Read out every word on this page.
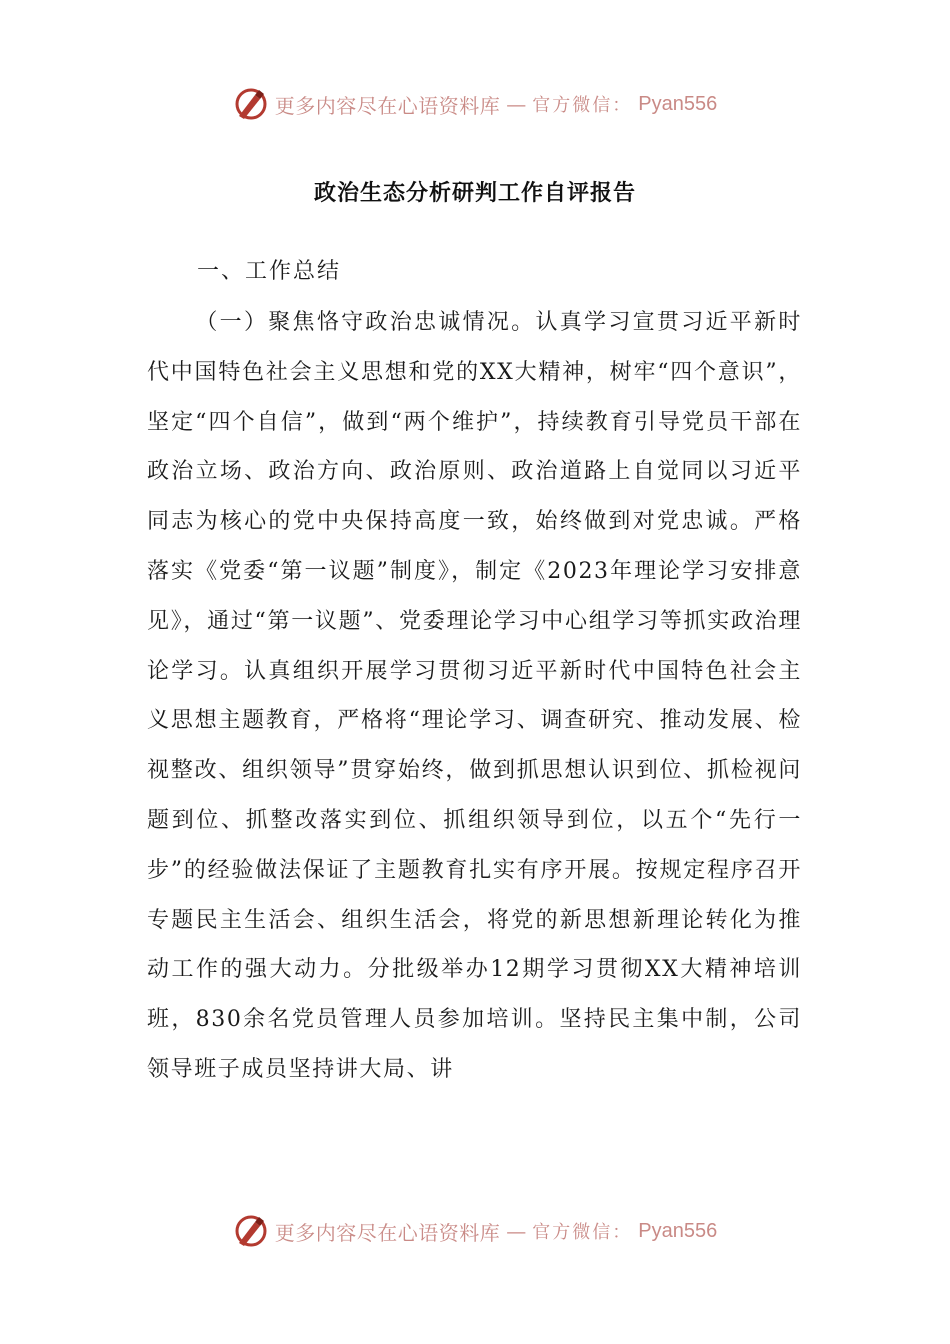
更多内容尽在心语资料库 — 官方微信： Pyan556
政治生态分析研判工作自评报告
一、工作总结

（一）聚焦恪守政治忠诚情况。认真学习宣贯习近平新时代中国特色社会主义思想和党的XX大精神，树牢“四个意识”，坚定“四个自信”，做到“两个维护”，持续教育引导党员干部在政治立场、政治方向、政治原则、政治道路上自觉同以习近平同志为核心的党中央保持高度一致，始终做到对党忠诚。严格落实《党委“第一议题”制度》，制定《2023年理论学习安排意见》，通过“第一议题”、党委理论学习中心组学习等抓实政治理论学习。认真组织开展学习贯彻习近平新时代中国特色社会主义思想主题教育，严格将“理论学习、调查研究、推动发展、检视整改、组织领导”贯穿始终，做到抓思想认识到位、抓检视问题到位、抓整改落实到位、抓组织领导到位，以五个“先行一步”的经验做法保证了主题教育扎实有序开展。按规定程序召开专题民主生活会、组织生活会，将党的新思想新理论转化为推动工作的强大动力。分批级举办12期学习贯彻XX大精神培训班，830余名党员管理人员参加培训。坚持民主集中制，公司领导班子成员坚持讲大局、讲

更多内容尽在心语资料库 — 官方微信： Pyan556
